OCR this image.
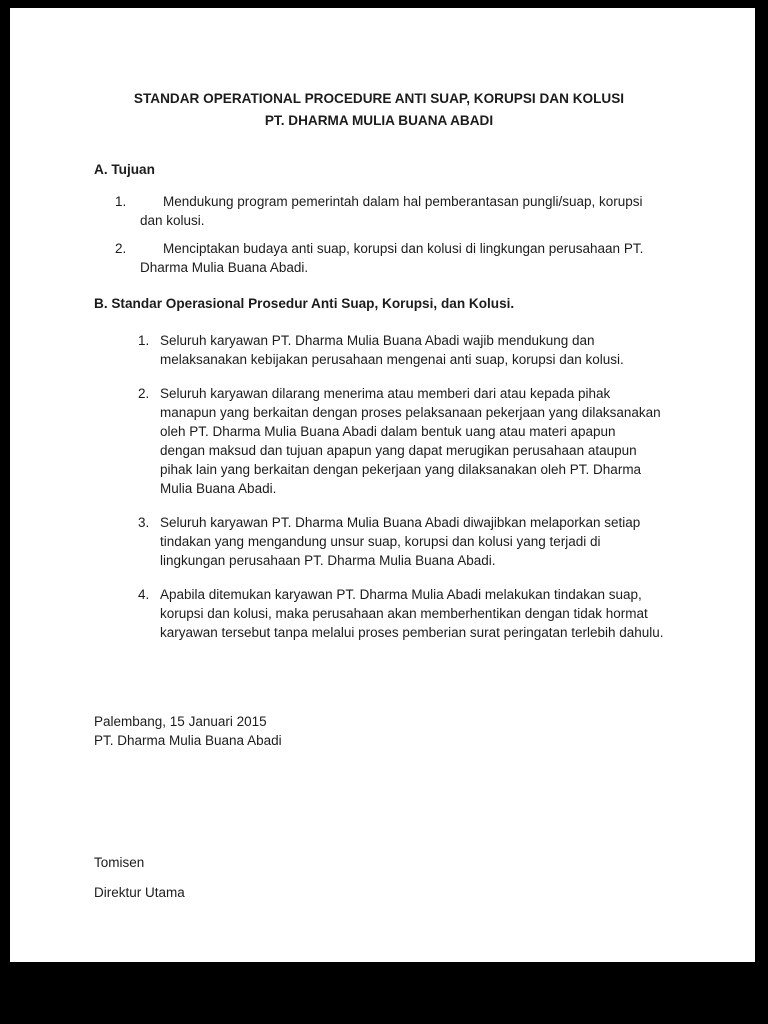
STANDAR OPERATIONAL PROCEDURE ANTI SUAP, KORUPSI DAN KOLUSI
PT. DHARMA MULIA BUANA ABADI
A. Tujuan
1.	Mendukung program pemerintah dalam hal pemberantasan pungli/suap, korupsi dan kolusi.
2.	Menciptakan budaya anti suap, korupsi dan kolusi di lingkungan perusahaan PT. Dharma Mulia Buana Abadi.
B. Standar Operasional Prosedur Anti Suap, Korupsi, dan Kolusi.
1. Seluruh karyawan PT. Dharma Mulia Buana Abadi wajib mendukung dan melaksanakan kebijakan perusahaan mengenai anti suap, korupsi dan kolusi.
2. Seluruh karyawan dilarang menerima atau memberi dari atau kepada pihak manapun yang berkaitan dengan proses pelaksanaan pekerjaan yang dilaksanakan oleh PT. Dharma Mulia Buana Abadi dalam bentuk uang atau materi apapun dengan maksud dan tujuan apapun yang dapat merugikan perusahaan ataupun pihak lain yang berkaitan dengan pekerjaan yang dilaksanakan oleh PT. Dharma Mulia Buana Abadi.
3. Seluruh karyawan PT. Dharma Mulia Buana Abadi diwajibkan melaporkan setiap tindakan yang mengandung unsur suap, korupsi dan kolusi yang terjadi di lingkungan perusahaan PT. Dharma Mulia Buana Abadi.
4. Apabila ditemukan karyawan PT. Dharma Mulia Abadi melakukan tindakan suap, korupsi dan kolusi, maka perusahaan akan memberhentikan dengan tidak hormat karyawan tersebut tanpa melalui proses pemberian surat peringatan terlebih dahulu.
Palembang, 15 Januari 2015
PT. Dharma Mulia Buana Abadi
Tomisen
Direktur Utama
